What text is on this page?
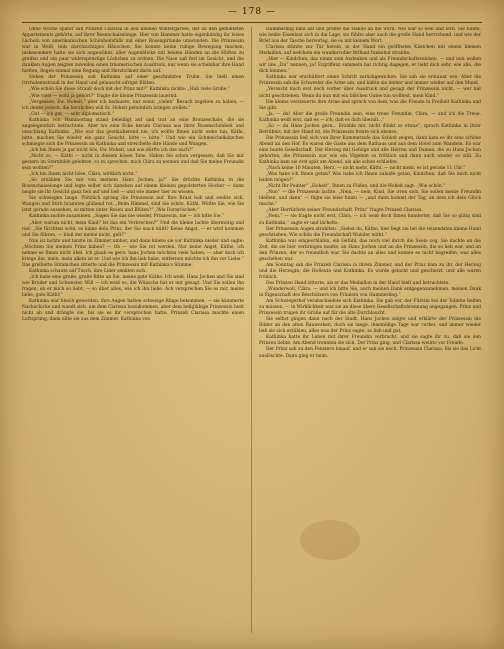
— 178 —

Ohne Woche später sah Prinzeß Clarissa in den kleinen Wintergarten, der zu den gemieteten Appartements gehörte, auf ihrer Rosenchaiselonge. Hier von Hammer hatte eigenhändig ihr leises Lächeln von amerikanischen Schönheitsfalls mit einer Rosengirlande umwunden. Die Prinzessin war in Weiß, teils durchsichtiges Hänschen. Sie konnte keine ruhige Bewegung machen, insbesondere hatte sie sich angewöhnt, aller Augenblicke mit beiden Händen an die Hüften zu greifen und ein paar widerspenstige Löckchen zu ordnen. Die Nase saß fest im Gesicht, und die dunklen Augen zeigten zuweilen einen träumerischen Ausdruck, nur wenn sie scheinbar ihre Hand hielten, flogen einmal eine Regung und Herzlichkeit darin auf.

Neben der Prinzessin saß Kathinka auf einer geschnitzten Truhe. Sie hielt einen Orchideenstrauß in der Hand und gelauscht eifrigst Blüten.

„Wie schön Sie diese Strauß doch mit der Prinz mit?“ Kathinka nickte: „Hab viele Grüße.“

„Wie viele — wohl ja gehört?“ fragte die kleine Prinzessin lauernd.

„Vergessen, Ew. Hoheit,“ aber ich bedauere, nur wenn „vielen“ Besuch zugeben zu haben, — ich denke jedoch, die herzlichen will Sr. Hoheit persönlich bringen wollen.“

„Gut — ich gut, — sehr diplomatisch.“

Kathinka von Hammerling stand beleidigt auf und trat an eine Bronzeschale, die sie angelegentlich betrachtete. Aber wo eine Ecke herum Clarissa aus ihrer Rosenschönheit und umschlang Kathinka: „Wie war das gestikulierend nie, ich wollte Ihnen nicht wehe tun, Käthi, bitte, machen Sie wieder ein ganz Gesicht, bitte — bitte.“ Und wie ein Schmeichelkätzchen schmiegte sich die Prinzessin an Kathinka und streichelte ihre Hände und Wangen.

„Ich bin Ihnen ja gar nicht bös, Ew. Hoheit, und wie dürfte ich das auch?“

„Nicht so, — Käthi — nicht in diesem bösen Tone. Haben Sie schon vergessen, daß Sie mir gestern im Sternbilde gelobten, so zu sprechen, mich Clära zu nennen und daß Sie meine Freundin sein wollten?“

„Ich bin Ihnen nicht böse, Clära, wirklich nicht.“

„So erzählen Sie mir von meinem Hans Jochen, ja?“ Sie drückte Kathinka in die Rosenchaiselonge und legte selbst sich daneben auf einem kleinen gepolsterten Hocker — dann neigte sie ihr Gesicht ganz lieb auf und ließ — und wie immer hier zu wissen.

Sie schwiegen lange. Plötzlich sprang die Prinzessin auf. Ihre Brust hob und senkte sich, Wangen und Stirn brannten glühend rot. „Beim Himmel, sind Sie schön, Käthi. Wüßte Sie, wie Sie jetzt gerade aussehen, so mitten unter Rosen und Blüten?“ „Wie Dornröschen.“

Kathinka zuckte zusammen. „Sagen Sie das nie wieder, Prinzessin, nie — ich bitte Sie.“

„Aber warum nicht, mein Kind? Ist das ein Verbrechen?“ Und die kleine lachte übermütig und rief: „Sie fürchten wohl, es käme dein Prinz, der Sie wach küßt? Keine Angst, — er wird kommen und Sie führen, — bloß der meine nicht, gelt?“

Nun ist lachte und tanzte im Zimmer umher, und dann kniete sie vor Kathinka nieder und sagte: „Möchten Sie meinen Prinz haben? — Ob — wie Sie rot werden. Nur keine Angst, Käthe, ich nehme es Ihnen nicht übel. Ich glaub es gern: hans Jochen möchten viele haben, — aber doch ich kriege ihn, mein, mein allein ist er. Und wie ich ihn lieb habe, entfernen möchte ich ihn vor Liebe.“ Das grellierte Stimmchen zitterte und die Prinzessin mit Kathinka's Stimme.

Kathinka schaute auf Tusch, ihre Lider senkten sich.

„Ich habe eine große, große Bitte an Sie, meine gute Käthe. Ich weiß, Hans Jochen und Sie sind wie Bruder und Schwester. Will — ich weiß es, die Wünsche hat er mir gesagt. Und Sie sollen ihn fragen, ob er mich so liebt, — so über alles, wie ich ihn liebe. Ach versprechen Sie es mir, meine liebe, gute Käthi!“

Kathinka war bleich geworden, ihre Augen hatten schweige Ringe bekommen, — sie kämmerte Nachschicke und wandt sich, um dem Clarissa loszukommen, aber dem hellglühige Prinzessin hielt nicht ab und drängte sie, bis sie es ihr versprochen hatte. Prinzeß Clarissa machte einen Luftsprung, dann eilte sie aus dem Zimmer. Kathinka von

Hammerling fand auf und preßte die Hände an die Stirn. Wie war so weh und fern. Sie fühlte, wie heiße Eisenlust sich in die Lage, sie fühlte aber auch die große Hand herrschend, und wie der Brief aus der Tasche hervorlag, sie es mit keinem Wort.

Clarissa stürzte zur Tür herein, in der Hand ein geöffnetes Kästchen mit einem kleinen Medaillon, auf welchem ein wundervoller Brillant funkelnd strahlte.

„Hier — Kindchen, das nimm zum Andenken und als Freundschaftszeichen, — und nun wollen wir uns „Du“ nennen, ja? Ergriffenz sammeln hat richtig dagegen, er liebt dich sehr, wie alle, die dich kennen.“

Kathinka war erschüttert einen Schritt zurückgewichen. Sie sah sie erstaunt wie. Aber die Prinzessin sah die Schwester die Arme um, und küßte sie immer und immer wieder auf den Mund.

„Versucht mich erst noch vorher über Ausdruck und gesagt der Prinzessin nicht, — wer hat nicht geschrieben. Wenn du nun mir ein bißchen Gutes tun wolltest, mein Kind.“

Die kleine vorsteuerte ihre Arme und sprach von dem, was die Freude in Freiheit Kathinka und Sie gibt.

„Ja, — du! Aber die große Freundin sein, eine treue Freundin, Clära, — und ich die Treue. Kathinka weiß erst, daß es — ich, daß es dich überall...“

„So — du Hans Jochen gern... Erzähle mir, nicht dünkt so etwas“, sprach Kathinka in ihrer Betrübnis, mit der Hand ist, die Prinzessin freute sich ebenso.

Die Prinzessin ließ sich von ihrer Kammerzofe das Schloß zeigen, dann kam es ihr eine schöne Abend an den Hof. Es waren die Gäste aus dem Rathaus und aus dem Hotel zum Wandeln. Es war eine bunte Gesellschaft. Der Herzog mit Gefolge und alle Herren und Damen, die zu Hans Jochen gehörten; die Prinzessin war wie ein Vögelein so fröhlich und dann auch wieder so still. Zu Kathinka kam sie erst spät am Abend, als alle schon schliefen.

„Nach keine 10 Minuten, Herz, — nicht mehr, Käthi, — nicht mehr, es ist gerade 11 Uhr.“

„Was habe ich Ihnen getan? Was habe ich Ihnen zuleide getan, Kindchen, daß Sie mich nicht leiden mögen?“

„Nicht Ihr Pointer“ „Hoheit“, Ihnen zu Füßen, und die Hoheit sagt: „Wie schön.“

„Nun“ — die Prinzessin lachte. „Nein, — nein, Kind, Sie irren sich, Sie sollen meine Freundin bleiben, und dann“ — fügte sie leise hinzu — „und dann kommt der Tag, an dem ich dein Glück mache.“

„Aber Herrlichste seiner Freundschaft, Prinz“ fragte Prinzeß Clarissa.

„Nein,“ — sie fragte nicht erst, Clära, — ich weiß doch Ihnen hunderter, daß Sie so gütig sind zu Kathinka,“ sagte er und lächelte.

Der Prinzessin Augen strahlten. „Siehst du, Käthe, hier liegt sie bei die reizendsten kleine Hand geschrieben: Wie schön die Freundschaft Wunder wirkt.“

Kathinka war eingeschlafen, ein Gefühl, das noch viel durch die Seele zog. Sie dachte an die Zeit, die sie hier verbringen mußte, an Hans Jochen und an die Prinzessin, die so lieb war, und an den Prinzen, der so freundlich war. Sie dachte an alles und konnte es nicht begreifen, was alles geschehen war.

Am Sonntag sah die Prinzeß Clarissa in ihrem Zimmer, und der Prinz kam zu ihr, der Herzog und die Herzogin, die Hofleute und Kathinka. Es wurde gelacht und gescherzt, und alle waren fröhlich.

Des Prinzen Hand zitterte, als er das Medaillon in der Hand hielt und betrachtete.

„Wunderwoll, Clära, — und ich bitte Sie, auch meinen Dank entgegenzunehmen, meinen Dank in Eigenschaft des Beschützers von Fräulein von Hammerling.“

Am Schwiegerhof verabschiedete sich Kathinka. Sie gab vor, der Fürstin bei der Toilette helfen zu müssen, — in Wirklichkeit war sie an diese übers Gesellschaftsbrennung angegangen. Prinz und Prinzessin trugen ihr Grüße auf für die alte Durchlaucht.

Sie selbst gingen dann nach der Stadt. Hans Jochen zeigte und erklärte der Prinzessin die Bilder an den alten Bauwerken, doch sie lange, ihnemülige Tage war vorbei, und immer wieder ließ sie sich erzählen, alles was der Prinz sagte, so lieb und gut.

Kathinka hatte ihr Leben mit ihrer Freundin verbracht, und sie sagte ihr zu, daß sie den Prinzen liebte. Am Abend trennten sie sich. Der Prinz ging, und Clarissa weinte vor Freude.

Der Prinz sah zu den Fenstern hinauf, und er sah sie noch, Prinzessin Clarissa, bis sie das Licht auslöschte. Dann ging er heim.
